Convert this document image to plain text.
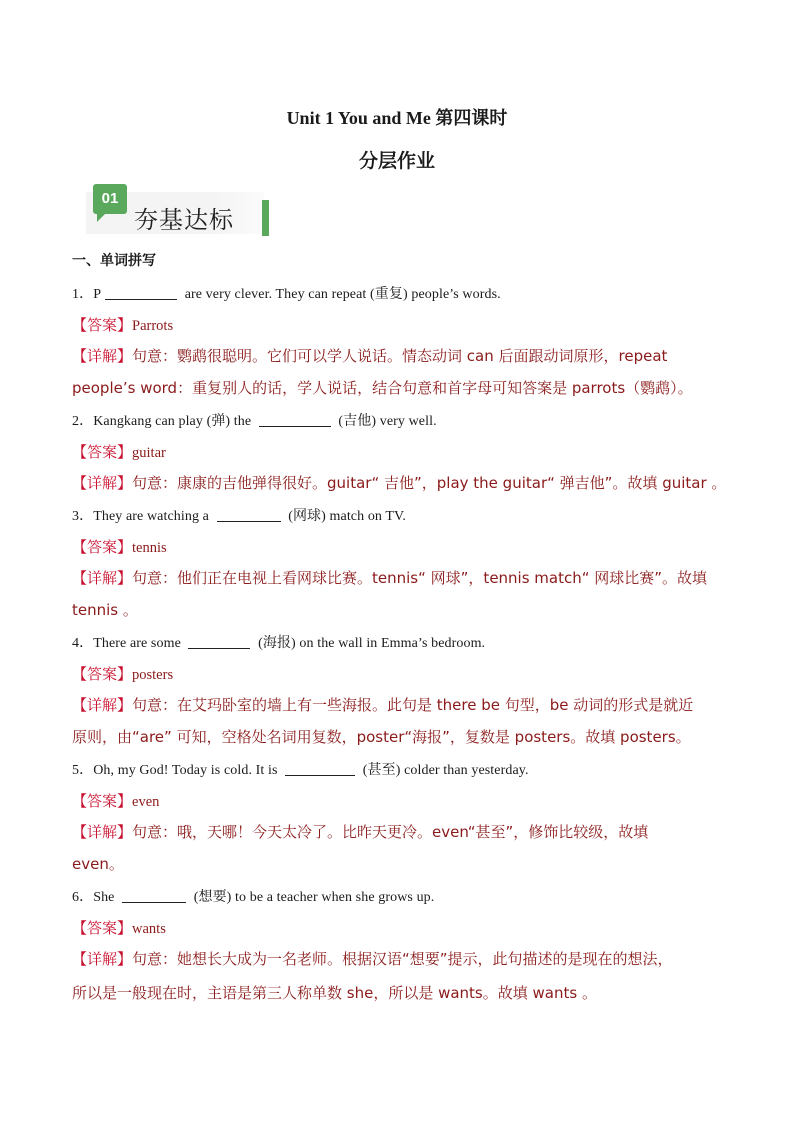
Unit 1 You and Me 第四课时
分层作业
01
夯基达标
一、单词拼写
1．P	are very clever. They can repeat (重复) people’s words.
【答案】Parrots
【详解】句意：鹦鹉很聪明。它们可以学人说话。情态动词 can 后面跟动词原形，repeat
people’s word：重复别人的话，学人说话，结合句意和首字母可知答案是 parrots（鹦鹉）。
2．Kangkang can play (弹) the	(吉他) very well.
【答案】guitar
【详解】句意：康康的吉他弹得很好。guitar“ 吉他”，play the guitar“ 弹吉他”。故填 guitar 。
3．They are watching a	(网球) match on TV.
【答案】tennis
【详解】句意：他们正在电视上看网球比赛。tennis“ 网球”，tennis match“ 网球比赛”。故填
tennis 。
4．There are some	(海报) on the wall in Emma’s bedroom.
【答案】posters
【详解】句意：在艾玛卧室的墙上有一些海报。此句是 there be 句型，be 动词的形式是就近
原则，由“are” 可知，空格处名词用复数，poster“海报”，复数是 posters。故填 posters。
5．Oh, my God! Today is cold. It is	(甚至) colder than yesterday.
【答案】even
【详解】句意：哦，天哪！今天太冷了。比昨天更冷。even“甚至”，修饰比较级，故填
even。
6．She	(想要) to be a teacher when she grows up.
【答案】wants
【详解】句意：她想长大成为一名老师。根据汉语“想要”提示，此句描述的是现在的想法，
所以是一般现在时，主语是第三人称单数 she，所以是 wants。故填 wants 。
